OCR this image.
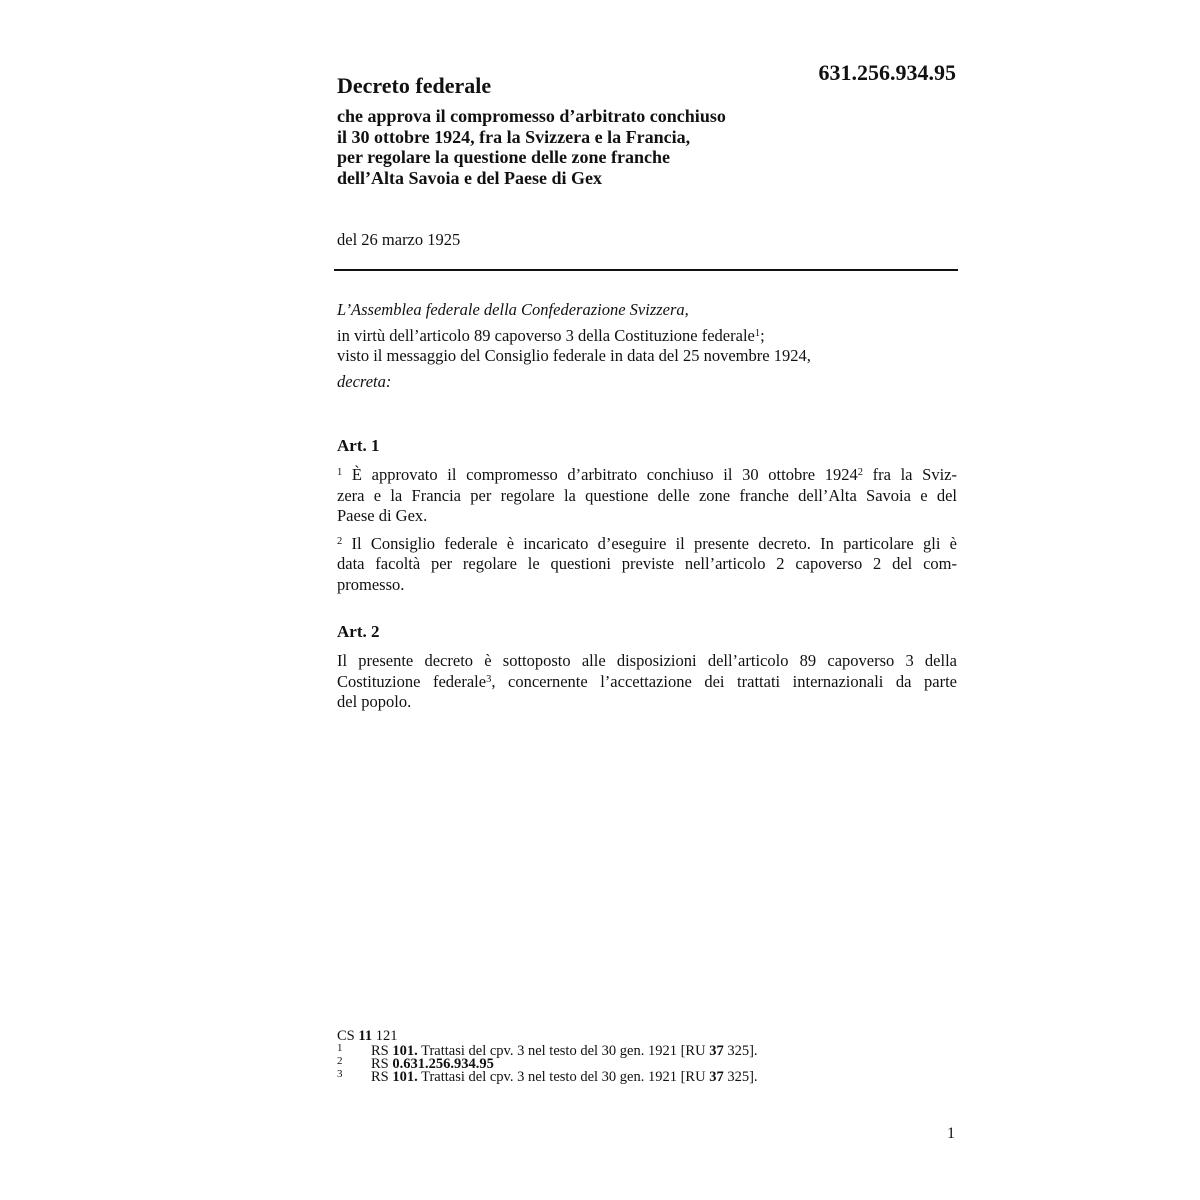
631.256.934.95
Decreto federale
che approva il compromesso d’arbitrato conchiuso
il 30 ottobre 1924, fra la Svizzera e la Francia,
per regolare la questione delle zone franche
dell’Alta Savoia e del Paese di Gex
del 26 marzo 1925
L’Assemblea federale della Confederazione Svizzera,
in virtù dell’articolo 89 capoverso 3 della Costituzione federale$^1$;
visto il messaggio del Consiglio federale in data del 25 novembre 1924,
decreta:
Art. 1
$^1$ È approvato il compromesso d’arbitrato conchiuso il 30 ottobre 1924$^2$ fra la Sviz-
zera e la Francia per regolare la questione delle zone franche dell’Alta Savoia e del
Paese di Gex.
$^2$ Il Consiglio federale è incaricato d’eseguire il presente decreto. In particolare gli è
data facoltà per regolare le questioni previste nell’articolo 2 capoverso 2 del com-
promesso.
Art. 2
Il presente decreto è sottoposto alle disposizioni dell’articolo 89 capoverso 3 della
Costituzione federale$^3$, concernente l’accettazione dei trattati internazionali da parte
del popolo.
CS 11 121
1 RS 101. Trattasi del cpv. 3 nel testo del 30 gen. 1921 [RU 37 325].
2 RS 0.631.256.934.95
3 RS 101. Trattasi del cpv. 3 nel testo del 30 gen. 1921 [RU 37 325].
1
